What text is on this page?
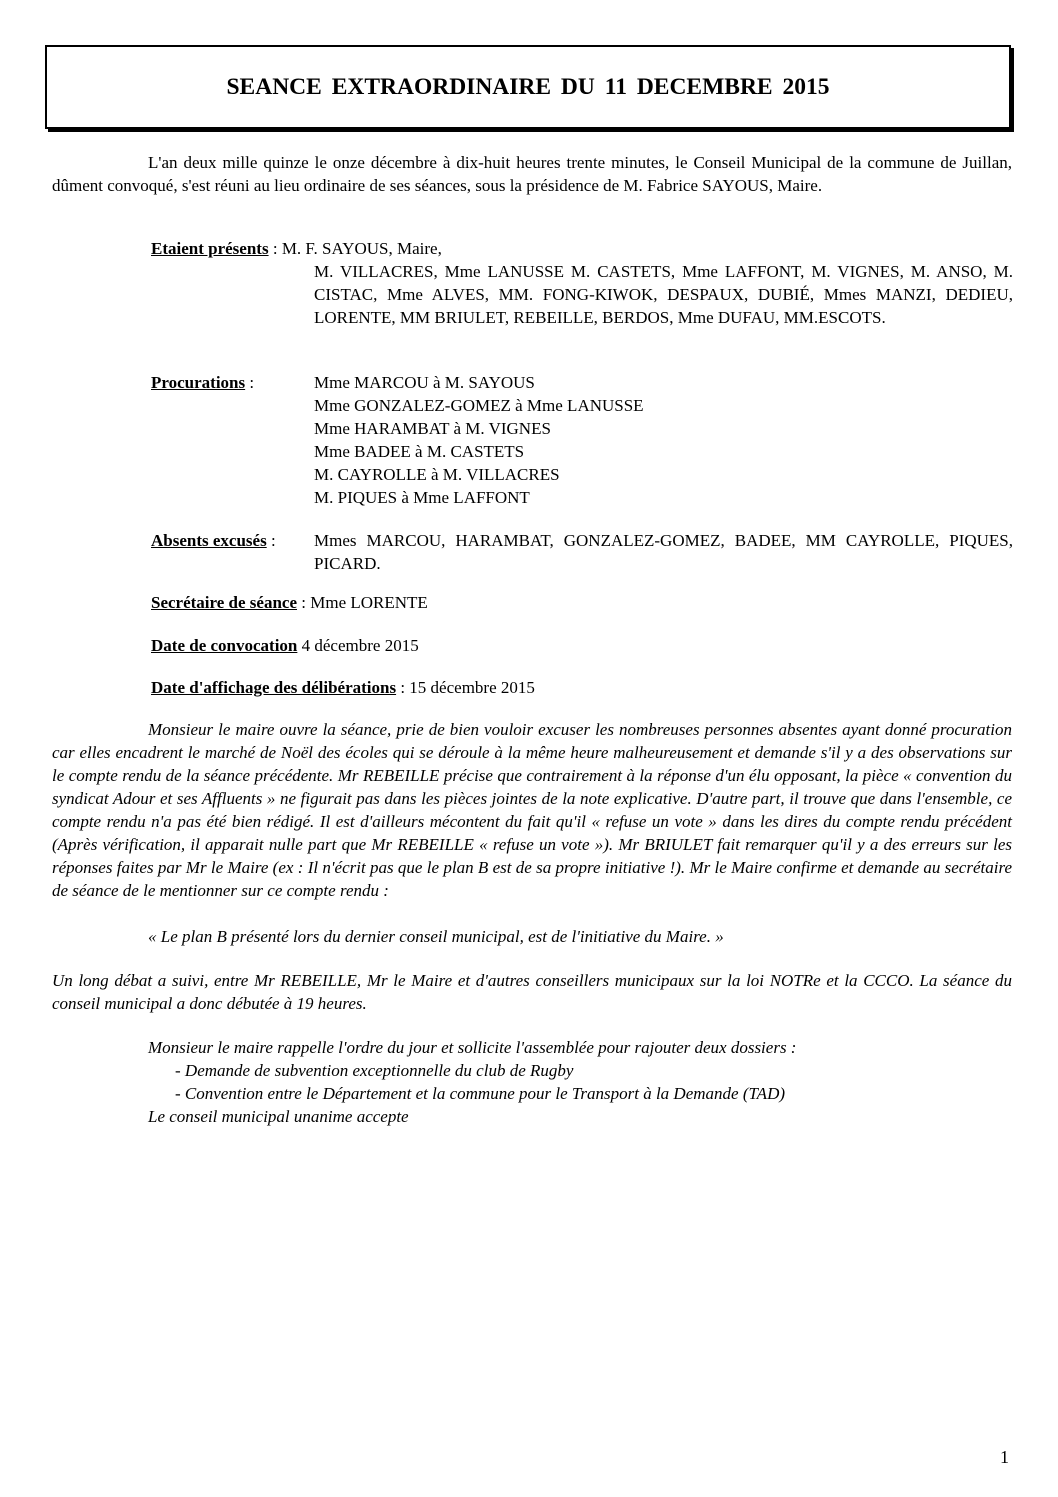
SEANCE EXTRAORDINAIRE DU 11 DECEMBRE 2015

L'an deux mille quinze le onze décembre à dix-huit heures trente minutes, le Conseil Municipal de la commune de Juillan, dûment convoqué, s'est réuni au lieu ordinaire de ses séances, sous la présidence de M. Fabrice SAYOUS, Maire.

Etaient présents : M. F. SAYOUS, Maire,

M. VILLACRES, Mme LANUSSE M. CASTETS, Mme LAFFONT, M. VIGNES, M. ANSO, M. CISTAC, Mme ALVES, MM. FONG-KIWOK, DESPAUX, DUBIÉ, Mmes MANZI, DEDIEU, LORENTE, MM BRIULET, REBEILLE, BERDOS, Mme DUFAU, MM.ESCOTS.

Procurations :	Mme MARCOU à M. SAYOUS
Mme GONZALEZ-GOMEZ à Mme LANUSSE
Mme HARAMBAT à M. VIGNES
Mme BADEE à M. CASTETS
M. CAYROLLE à M. VILLACRES
M. PIQUES à Mme LAFFONT
Absents excusés : Mmes MARCOU, HARAMBAT, GONZALEZ-GOMEZ, BADEE, MM CAYROLLE, PIQUES, PICARD.
Secrétaire de séance : Mme LORENTE
Date de convocation 4 décembre 2015
Date d'affichage des délibérations : 15 décembre 2015

Monsieur le maire ouvre la séance, prie de bien vouloir excuser les nombreuses personnes absentes ayant donné procuration car elles encadrent le marché de Noël des écoles qui se déroule à la même heure malheureusement et demande s'il y a des observations sur le compte rendu de la séance précédente. Mr REBEILLE précise que contrairement à la réponse d'un élu opposant, la pièce « convention du syndicat Adour et ses Affluents » ne figurait pas dans les pièces jointes de la note explicative. D'autre part, il trouve que dans l'ensemble, ce compte rendu n'a pas été bien rédigé. Il est d'ailleurs mécontent du fait qu'il « refuse un vote » dans les dires du compte rendu précédent (Après vérification, il apparait nulle part que Mr REBEILLE « refuse un vote »). Mr BRIULET fait remarquer qu'il y a des erreurs sur les réponses faites par Mr le Maire (ex : Il n'écrit pas que le plan B est de sa propre initiative !). Mr le Maire confirme et demande au secrétaire de séance de le mentionner sur ce compte rendu :

« Le plan B présenté lors du dernier conseil municipal, est de l'initiative du Maire. »

Un long débat a suivi, entre Mr REBEILLE, Mr le Maire et d'autres conseillers municipaux sur la loi NOTRe et la CCCO. La séance du conseil municipal a donc débutée à 19 heures.

Monsieur le maire rappelle l'ordre du jour et sollicite l'assemblée pour rajouter deux dossiers :
- Demande de subvention exceptionnelle du club de Rugby
- Convention entre le Département et la commune pour le Transport à la Demande (TAD)
Le conseil municipal unanime accepte
1
